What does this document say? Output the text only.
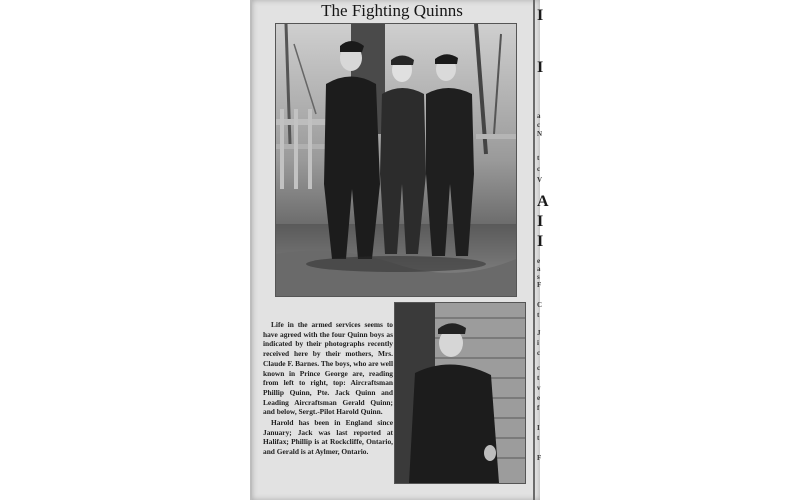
The Fighting Quinns

Life in the armed services seems to have agreed with the four Quinn boys as indicated by their photographs recently received here by their mothers, Mrs. Claude F. Barnes. The boys, who are well known in Prince George are, reading from left to right, top: Aircraftsman Phillip Quinn, Pte. Jack Quinn and Leading Aircraftsman Gerald Quinn; and below, Sergt.-Pilot Harold Quinn.

Harold has been in England since January; Jack was last reported at Halifax; Phillip is at Rockcliffe, Ontario, and Gerald is at Aylmer, Ontario.

I
I
a
c
N
t
c
V
A
I
I
e
a
s
F
C
t
J
i
c
c
t
v
e
f
I
t
F
